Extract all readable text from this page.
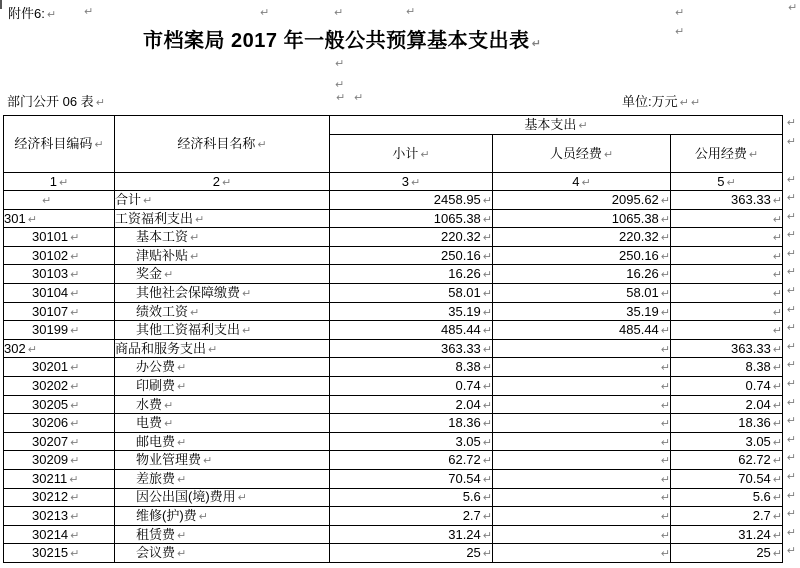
附件6: ↵
市档案局 2017 年一般公共预算基本支出表 ↵
部门公开 06 表 ↵	单位:万元 ↵ ↵
↵	↵	↵	↵	↵	↵
↵
↵
↵
↵ ↵
经济科目编码 ↵	经济科目名称 ↵	基本支出 ↵ ↵		

		小计 ↵	人员经费 ↵	公用经费 ↵
↵

1 ↵	2 ↵	3 ↵	4 ↵	5 ↵ ↵

↵	合计 ↵	2458.95 ↵	2095.62 ↵	363.33 ↵ ↵

301 ↵	工资福利支出 ↵	1065.38 ↵	1065.38 ↵	↵ ↵

30101 ↵	基本工资 ↵	220.32 ↵	220.32 ↵	↵ ↵

30102 ↵	津贴补贴 ↵	250.16 ↵	250.16 ↵	↵ ↵

30103 ↵	奖金 ↵	16.26 ↵	16.26 ↵	↵ ↵

30104 ↵	其他社会保障缴费 ↵	58.01 ↵	58.01 ↵	↵ ↵

30107 ↵	绩效工资 ↵	35.19 ↵	35.19 ↵	↵ ↵

30199 ↵	其他工资福利支出 ↵	485.44 ↵	485.44 ↵	↵ ↵

302 ↵	商品和服务支出 ↵	363.33 ↵	↵	363.33 ↵ ↵

30201 ↵	办公费 ↵	8.38 ↵	↵	8.38 ↵ ↵

30202 ↵	印刷费 ↵	0.74 ↵	↵	0.74 ↵ ↵

30205 ↵	水费 ↵	2.04 ↵	↵	2.04 ↵ ↵

30206 ↵	电费 ↵	18.36 ↵	↵	18.36 ↵ ↵

30207 ↵	邮电费 ↵	3.05 ↵	↵	3.05 ↵ ↵

30209 ↵	物业管理费 ↵	62.72 ↵	↵	62.72 ↵ ↵

30211 ↵	差旅费 ↵	70.54 ↵	↵	70.54 ↵ ↵

30212 ↵	因公出国(境)费用 ↵	5.6 ↵	↵	5.6 ↵ ↵

30213 ↵	维修(护)费 ↵	2.7 ↵	↵	2.7 ↵ ↵

30214 ↵	租赁费 ↵	31.24 ↵	↵	31.24 ↵ ↵

30215 ↵	会议费 ↵	25 ↵	↵	25 ↵ ↵
